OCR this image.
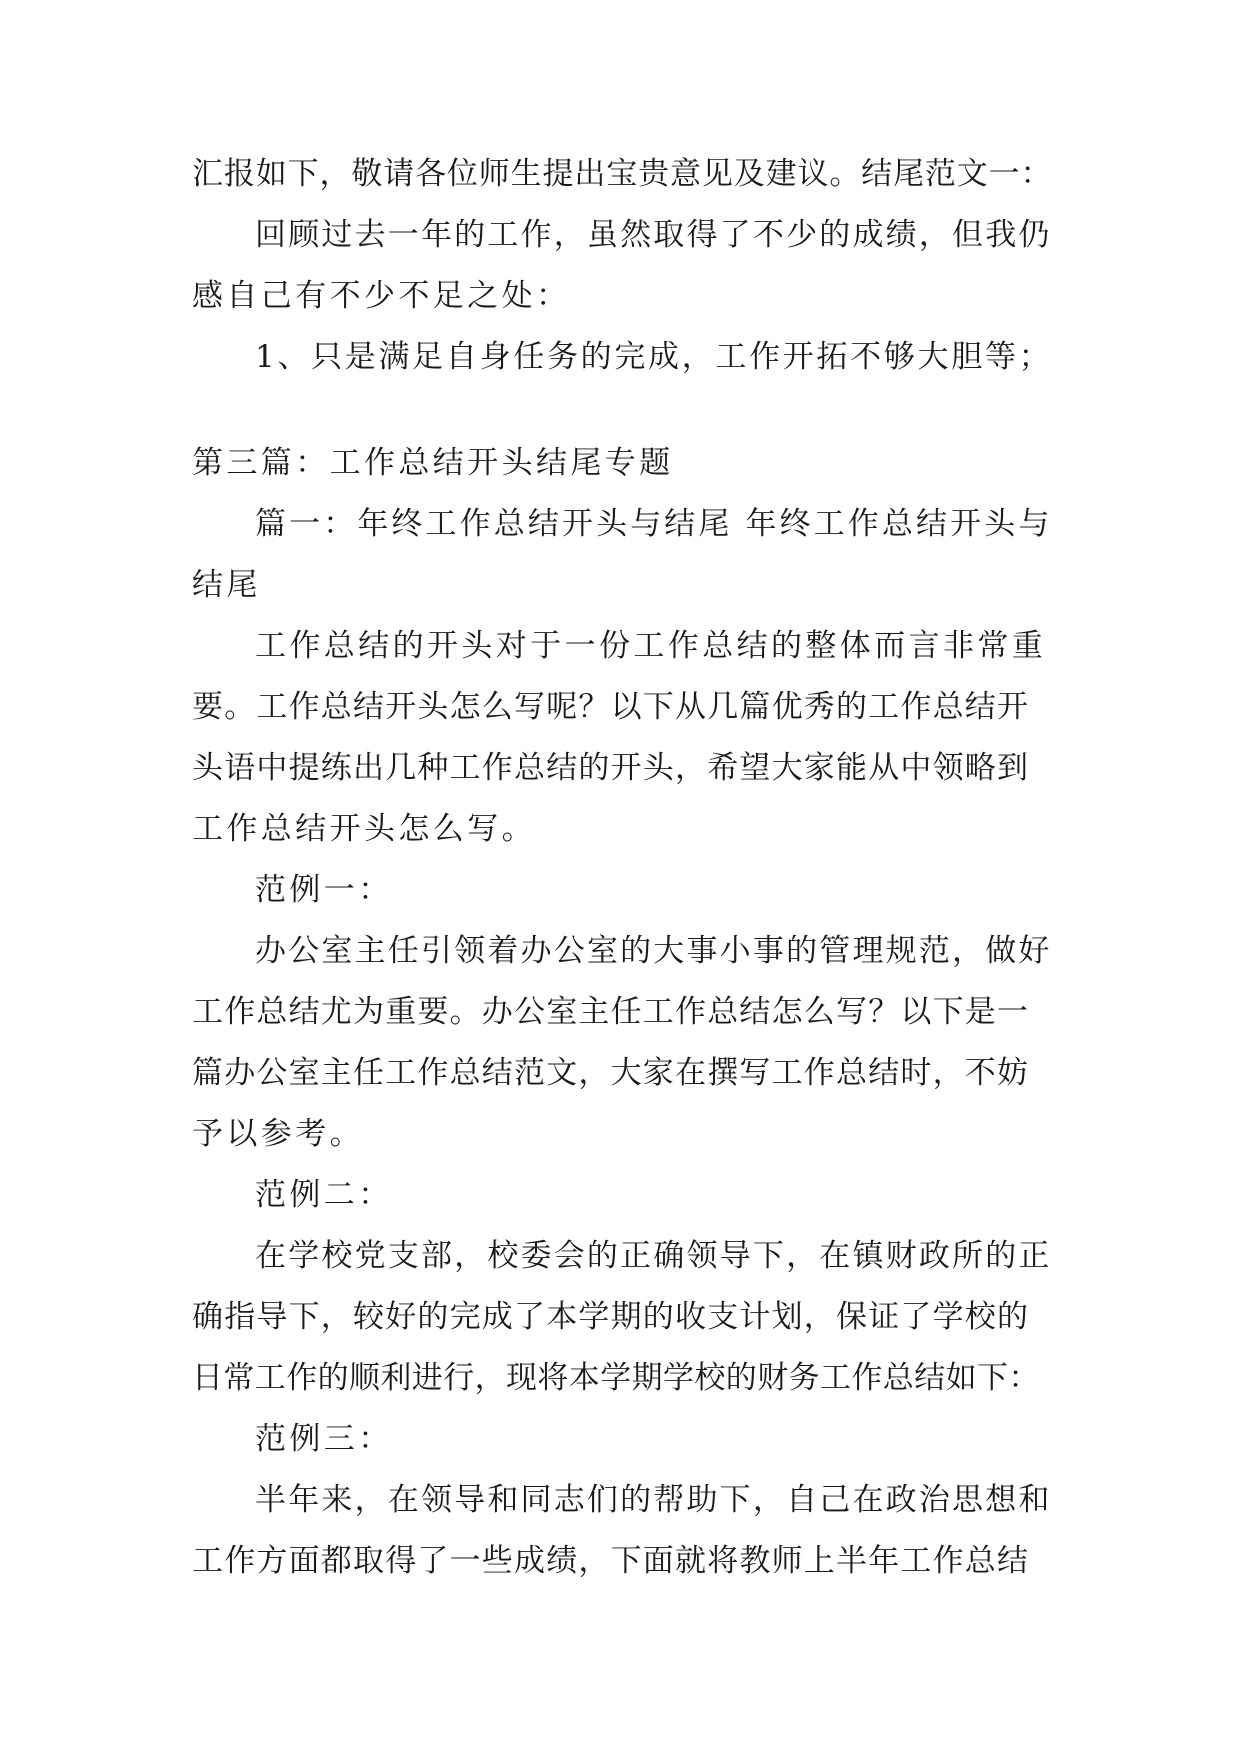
汇报如下，敬请各位师生提出宝贵意见及建议。结尾范文一：
回顾过去一年的工作，虽然取得了不少的成绩，但我仍
感自己有不少不足之处：
1、只是满足自身任务的完成，工作开拓不够大胆等；
第三篇：工作总结开头结尾专题
篇一：年终工作总结开头与结尾 年终工作总结开头与
结尾
工作总结的开头对于一份工作总结的整体而言非常重
要。工作总结开头怎么写呢？以下从几篇优秀的工作总结开
头语中提练出几种工作总结的开头，希望大家能从中领略到
工作总结开头怎么写。
范例一：
办公室主任引领着办公室的大事小事的管理规范，做好
工作总结尤为重要。办公室主任工作总结怎么写？以下是一
篇办公室主任工作总结范文，大家在撰写工作总结时，不妨
予以参考。
范例二：
在学校党支部，校委会的正确领导下，在镇财政所的正
确指导下，较好的完成了本学期的收支计划，保证了学校的
日常工作的顺利进行，现将本学期学校的财务工作总结如下：
范例三：
半年来，在领导和同志们的帮助下，自己在政治思想和
工作方面都取得了一些成绩，下面就将教师上半年工作总结
